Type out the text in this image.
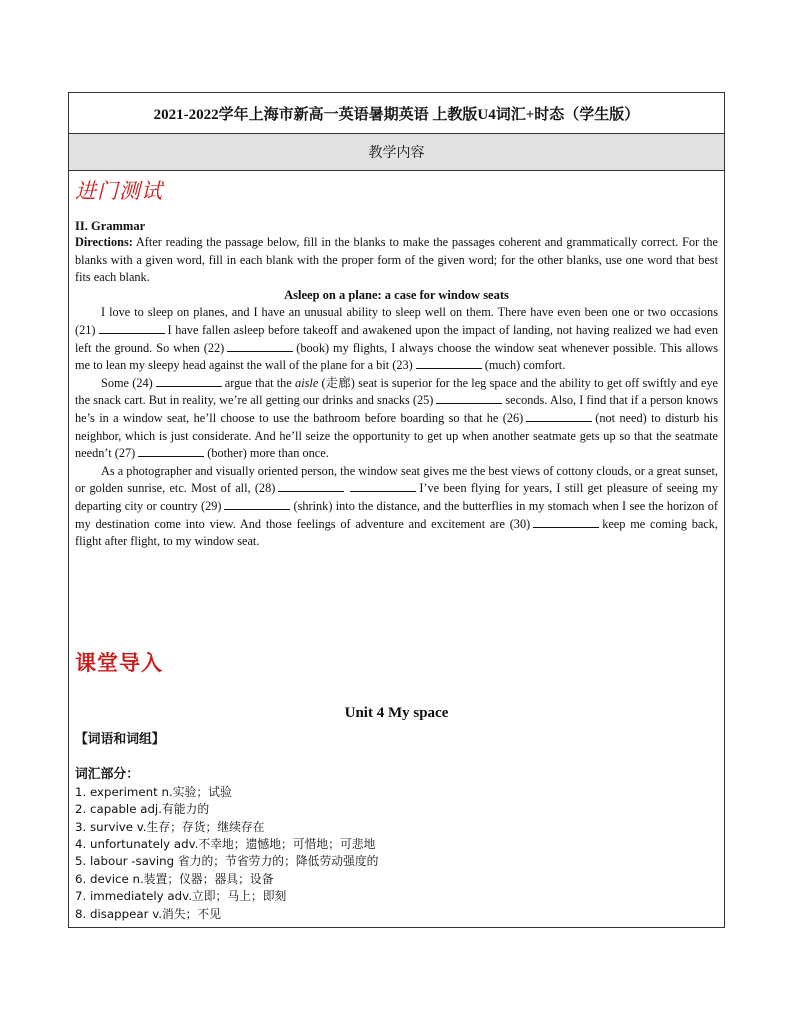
2021-2022学年上海市新高一英语暑期英语 上教版U4词汇+时态（学生版）
教学内容
进门测试
II. Grammar

Directions: After reading the passage below, fill in the blanks to make the passages coherent and grammatically correct. For the blanks with a given word, fill in each blank with the proper form of the given word; for the other blanks, use one word that best fits each blank.

Asleep on a plane: a case for window seats

I love to sleep on planes, and I have an unusual ability to sleep well on them. There have even been one or two occasions (21)	I have fallen asleep before takeoff and awakened upon the impact of landing, not having realized we had even left the ground. So when (22)	(book) my flights, I always choose the window seat whenever possible. This allows me to lean my sleepy head against the wall of the plane for a bit (23)	(much) comfort.

Some (24)	argue that the aisle (走廊) seat is superior for the leg space and the ability to get off swiftly and eye the snack cart. But in reality, we’re all getting our drinks and snacks (25)	seconds. Also, I find that if a person knows he’s in a window seat, he’ll choose to use the bathroom before boarding so that he (26)	(not need) to disturb his neighbor, which is just considerate. And he’ll seize the opportunity to get up when another seatmate gets up so that the seatmate needn’t (27)	(bother) more than once.

As a photographer and visually oriented person, the window seat gives me the best views of cottony clouds, or a great sunset, or golden sunrise, etc. Most of all, (28)	I’ve been flying for years, I still get pleasure of seeing my departing city or country (29)	(shrink) into the distance, and the butterflies in my stomach when I see the horizon of my destination come into view. And those feelings of adventure and excitement are (30)	keep me coming back, flight after flight, to my window seat.

课堂导入
Unit 4 My space
【词语和词组】
词汇部分：
1. experiment n.实验；试验
2. capable adj.有能力的
3. survive v.生存；存货；继续存在
4. unfortunately adv.不幸地；遗憾地；可惜地；可悲地
5. labour -saving 省力的；节省劳力的；降低劳动强度的
6. device n.装置；仪器；器具；设备
7. immediately adv.立即；马上；即刻
8. disappear v.消失；不见
